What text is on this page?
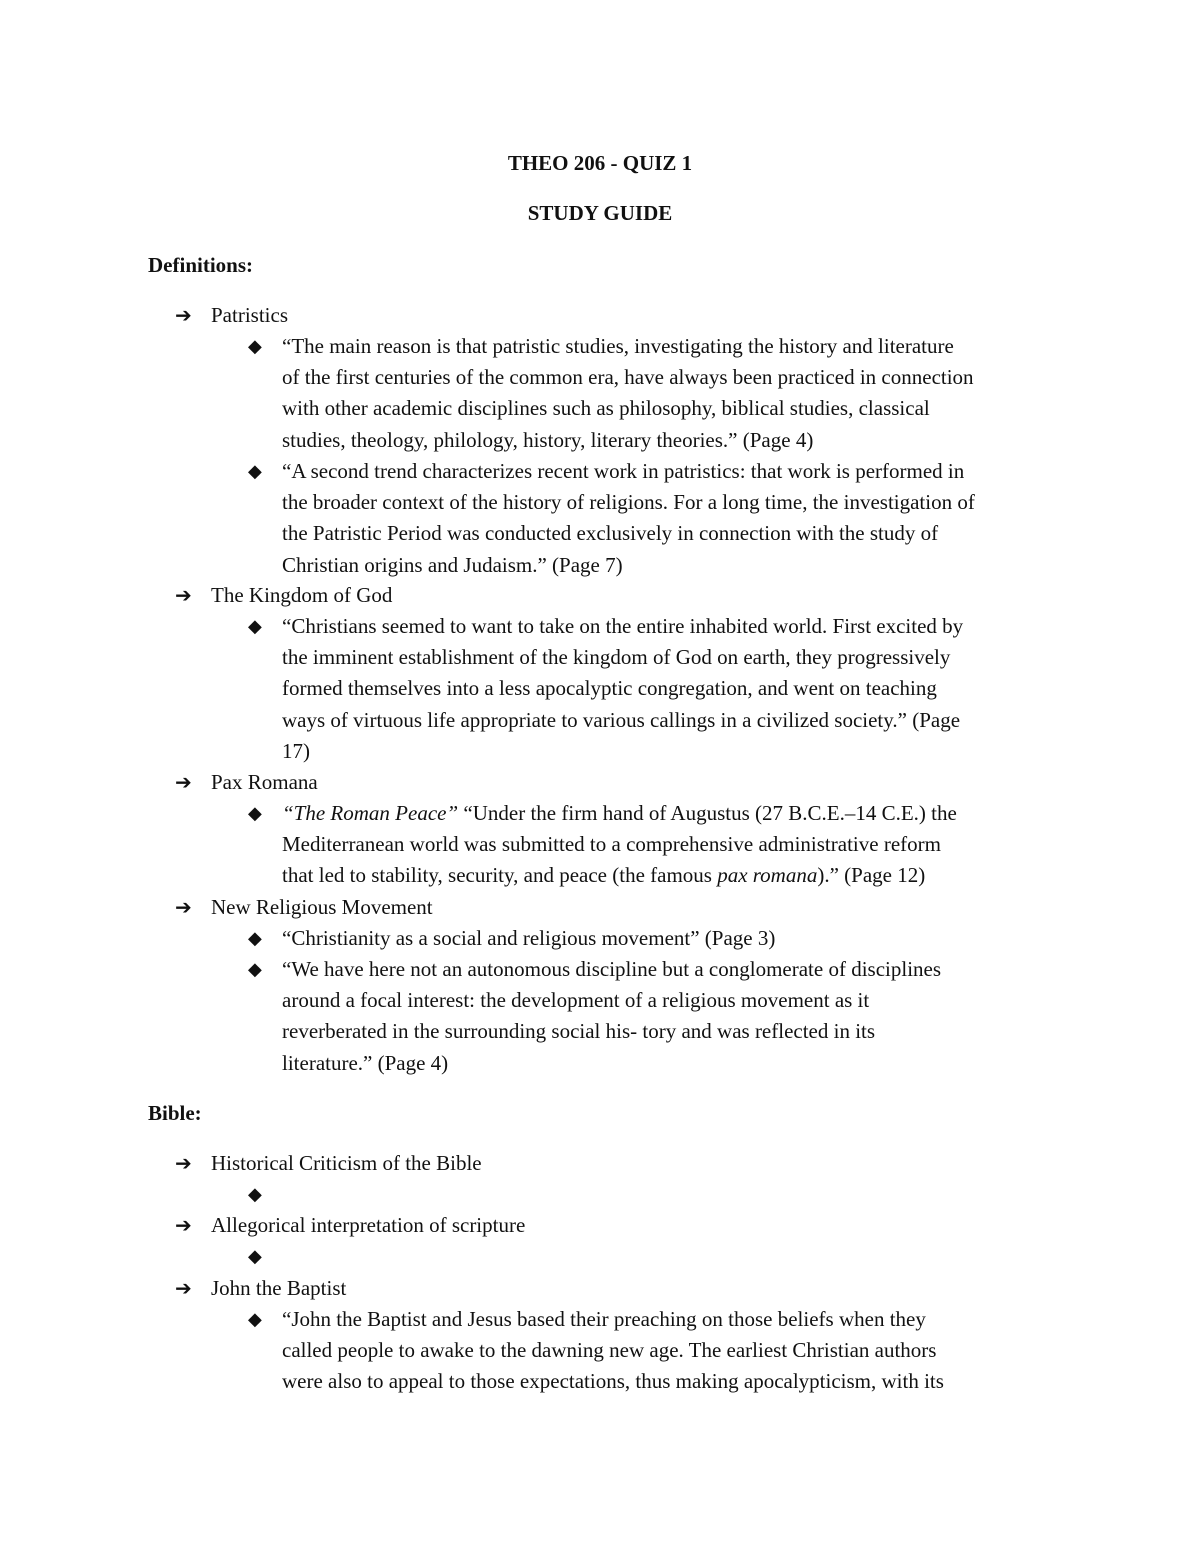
THEO 206 - QUIZ 1
STUDY GUIDE
Definitions:
➔ Patristics
◆ “The main reason is that patristic studies, investigating the history and literature
of the first centuries of the common era, have always been practiced in connection
with other academic disciplines such as philosophy, biblical studies, classical
studies, theology, philology, history, literary theories.” (Page 4)
◆ “A second trend characterizes recent work in patristics: that work is performed in
the broader context of the history of religions. For a long time, the investigation of
the Patristic Period was conducted exclusively in connection with the study of
Christian origins and Judaism.” (Page 7)
➔ The Kingdom of God
◆ “Christians seemed to want to take on the entire inhabited world. First excited by
the imminent establishment of the kingdom of God on earth, they progressively
formed themselves into a less apocalyptic congregation, and went on teaching
ways of virtuous life appropriate to various callings in a civilized society.” (Page
17)
➔ Pax Romana
◆ “The Roman Peace” “Under the firm hand of Augustus (27 B.C.E.–14 C.E.) the
Mediterranean world was submitted to a comprehensive administrative reform
that led to stability, security, and peace (the famous pax romana).” (Page 12)
➔ New Religious Movement
◆ “Christianity as a social and religious movement” (Page 3)
◆ “We have here not an autonomous discipline but a conglomerate of disciplines
around a focal interest: the development of a religious movement as it
reverberated in the surrounding social his- tory and was reflected in its
literature.” (Page 4)
Bible:
➔ Historical Criticism of the Bible
◆
➔ Allegorical interpretation of scripture
◆
➔ John the Baptist
◆ “John the Baptist and Jesus based their preaching on those beliefs when they
called people to awake to the dawning new age. The earliest Christian authors
were also to appeal to those expectations, thus making apocalypticism, with its
